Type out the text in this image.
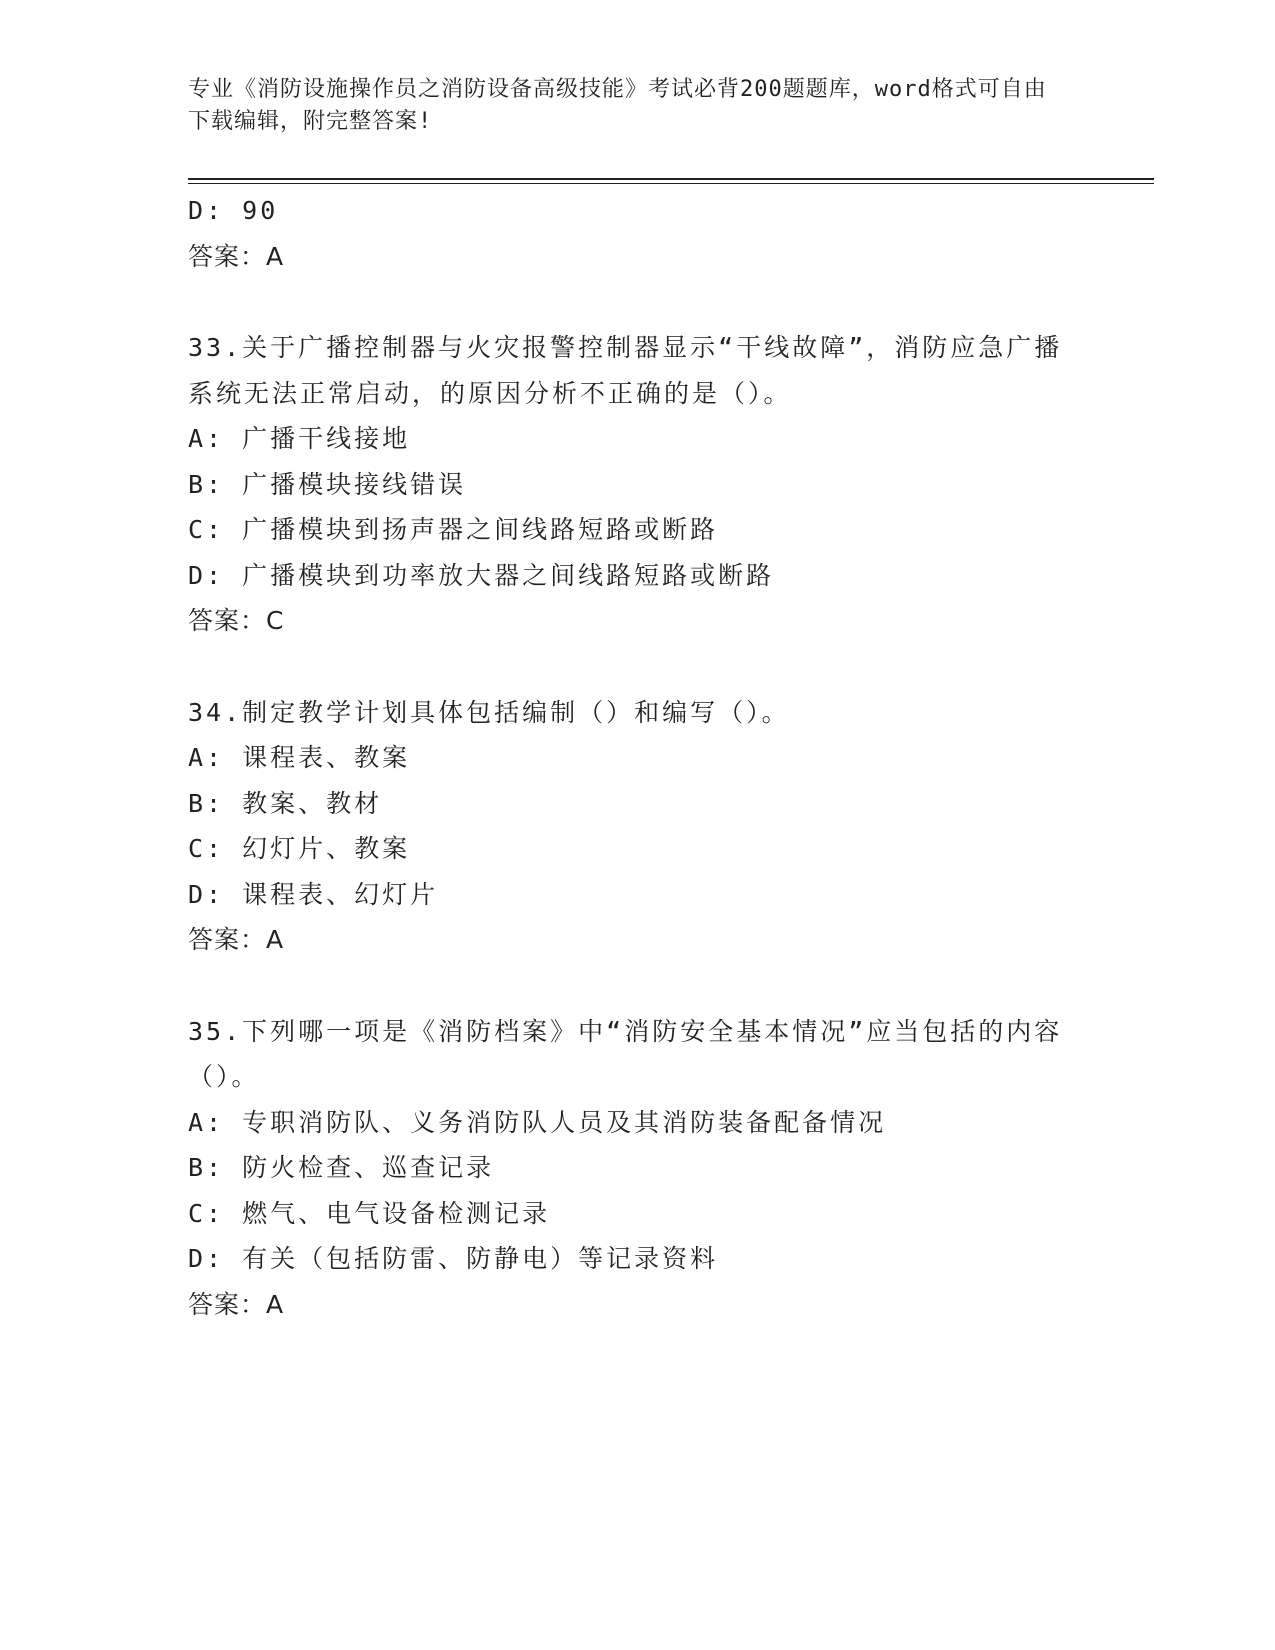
专业《消防设施操作员之消防设备高级技能》考试必背200题题库，word格式可自由下载编辑，附完整答案!
D: 90
答案：A
33.关于广播控制器与火灾报警控制器显示“干线故障”，消防应急广播系统无法正常启动，的原因分析不正确的是（）。
A: 广播干线接地
B: 广播模块接线错误
C: 广播模块到扬声器之间线路短路或断路
D: 广播模块到功率放大器之间线路短路或断路
答案：C
34.制定教学计划具体包括编制（）和编写（）。
A: 课程表、教案
B: 教案、教材
C: 幻灯片、教案
D: 课程表、幻灯片
答案：A
35.下列哪一项是《消防档案》中“消防安全基本情况”应当包括的内容（）。
A: 专职消防队、义务消防队人员及其消防装备配备情况
B: 防火检查、巡查记录
C: 燃气、电气设备检测记录
D: 有关（包括防雷、防静电）等记录资料
答案：A
